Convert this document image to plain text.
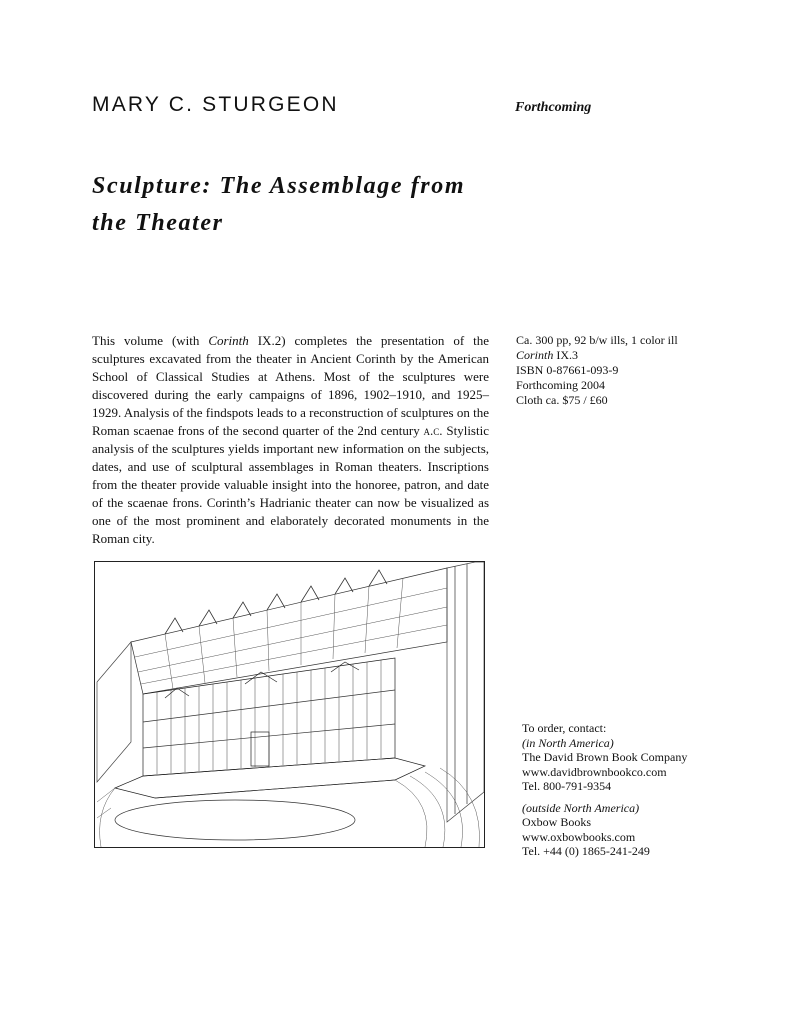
MARY C. STURGEON	Forthcoming
Sculpture: The Assemblage from
the Theater

This volume (with Corinth IX.2) completes the presentation of the sculptures excavated from the theater in Ancient Corinth by the American School of Classical Studies at Athens. Most of the sculptures were discovered during the early campaigns of 1896, 1902–1910, and 1925–1929. Analysis of the findspots leads to a reconstruction of sculptures on the Roman scaenae frons of the second quarter of the 2nd century a.c. Stylistic analysis of the sculptures yields important new information on the subjects, dates, and use of sculptural assemblages in Roman theaters. Inscriptions from the theater provide valuable insight into the honoree, patron, and date of the scaenae frons. Corinth’s Hadrianic theater can now be visualized as one of the most prominent and elaborately decorated monuments in the Roman city.

Ca. 300 pp, 92 b/w ills, 1 color ill
Corinth IX.3
ISBN 0-87661-093-9
Forthcoming 2004
Cloth ca. $75 / £60
To order, contact:
(in North America)
The David Brown Book Company
www.davidbrownbookco.com
Tel. 800-791-9354
(outside North America)
Oxbow Books
www.oxbowbooks.com
Tel. +44 (0) 1865-241-249
